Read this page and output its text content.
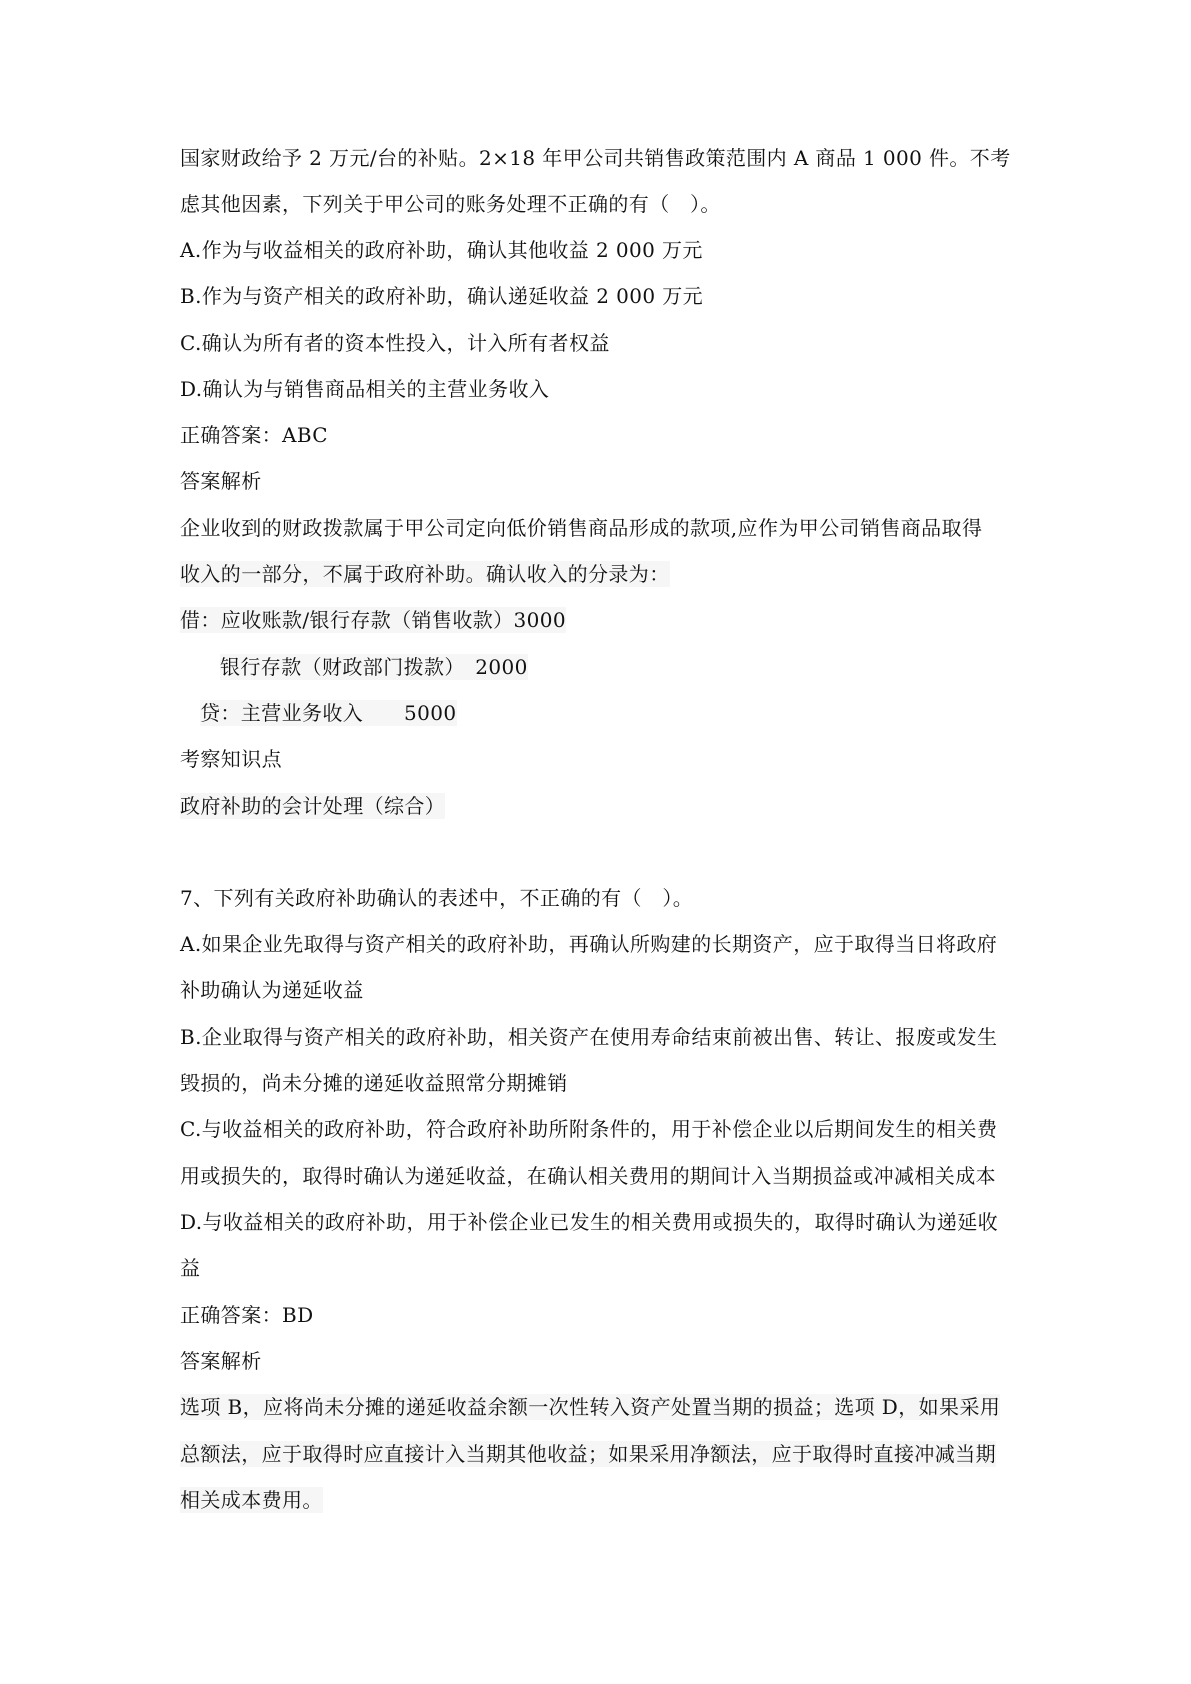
国家财政给予 2 万元/台的补贴。2×18 年甲公司共销售政策范围内 A 商品 1 000 件。不考
虑其他因素，下列关于甲公司的账务处理不正确的有（　）。
A.作为与收益相关的政府补助，确认其他收益 2 000 万元
B.作为与资产相关的政府补助，确认递延收益 2 000 万元
C.确认为所有者的资本性投入，计入所有者权益
D.确认为与销售商品相关的主营业务收入
正确答案：ABC
答案解析
企业收到的财政拨款属于甲公司定向低价销售商品形成的款项,应作为甲公司销售商品取得
收入的一部分，不属于政府补助。确认收入的分录为：
借：应收账款/银行存款（销售收款）3000
银行存款（财政部门拨款）　2000
贷：主营业务收入　　5000
考察知识点
政府补助的会计处理（综合）
7、下列有关政府补助确认的表述中，不正确的有（　）。
A.如果企业先取得与资产相关的政府补助，再确认所购建的长期资产，应于取得当日将政府
补助确认为递延收益
B.企业取得与资产相关的政府补助，相关资产在使用寿命结束前被出售、转让、报废或发生
毁损的，尚未分摊的递延收益照常分期摊销
C.与收益相关的政府补助，符合政府补助所附条件的，用于补偿企业以后期间发生的相关费
用或损失的，取得时确认为递延收益，在确认相关费用的期间计入当期损益或冲减相关成本
D.与收益相关的政府补助，用于补偿企业已发生的相关费用或损失的，取得时确认为递延收
益
正确答案：BD
答案解析
选项 B，应将尚未分摊的递延收益余额一次性转入资产处置当期的损益；选项 D，如果采用
总额法，应于取得时应直接计入当期其他收益；如果采用净额法，应于取得时直接冲减当期
相关成本费用。
